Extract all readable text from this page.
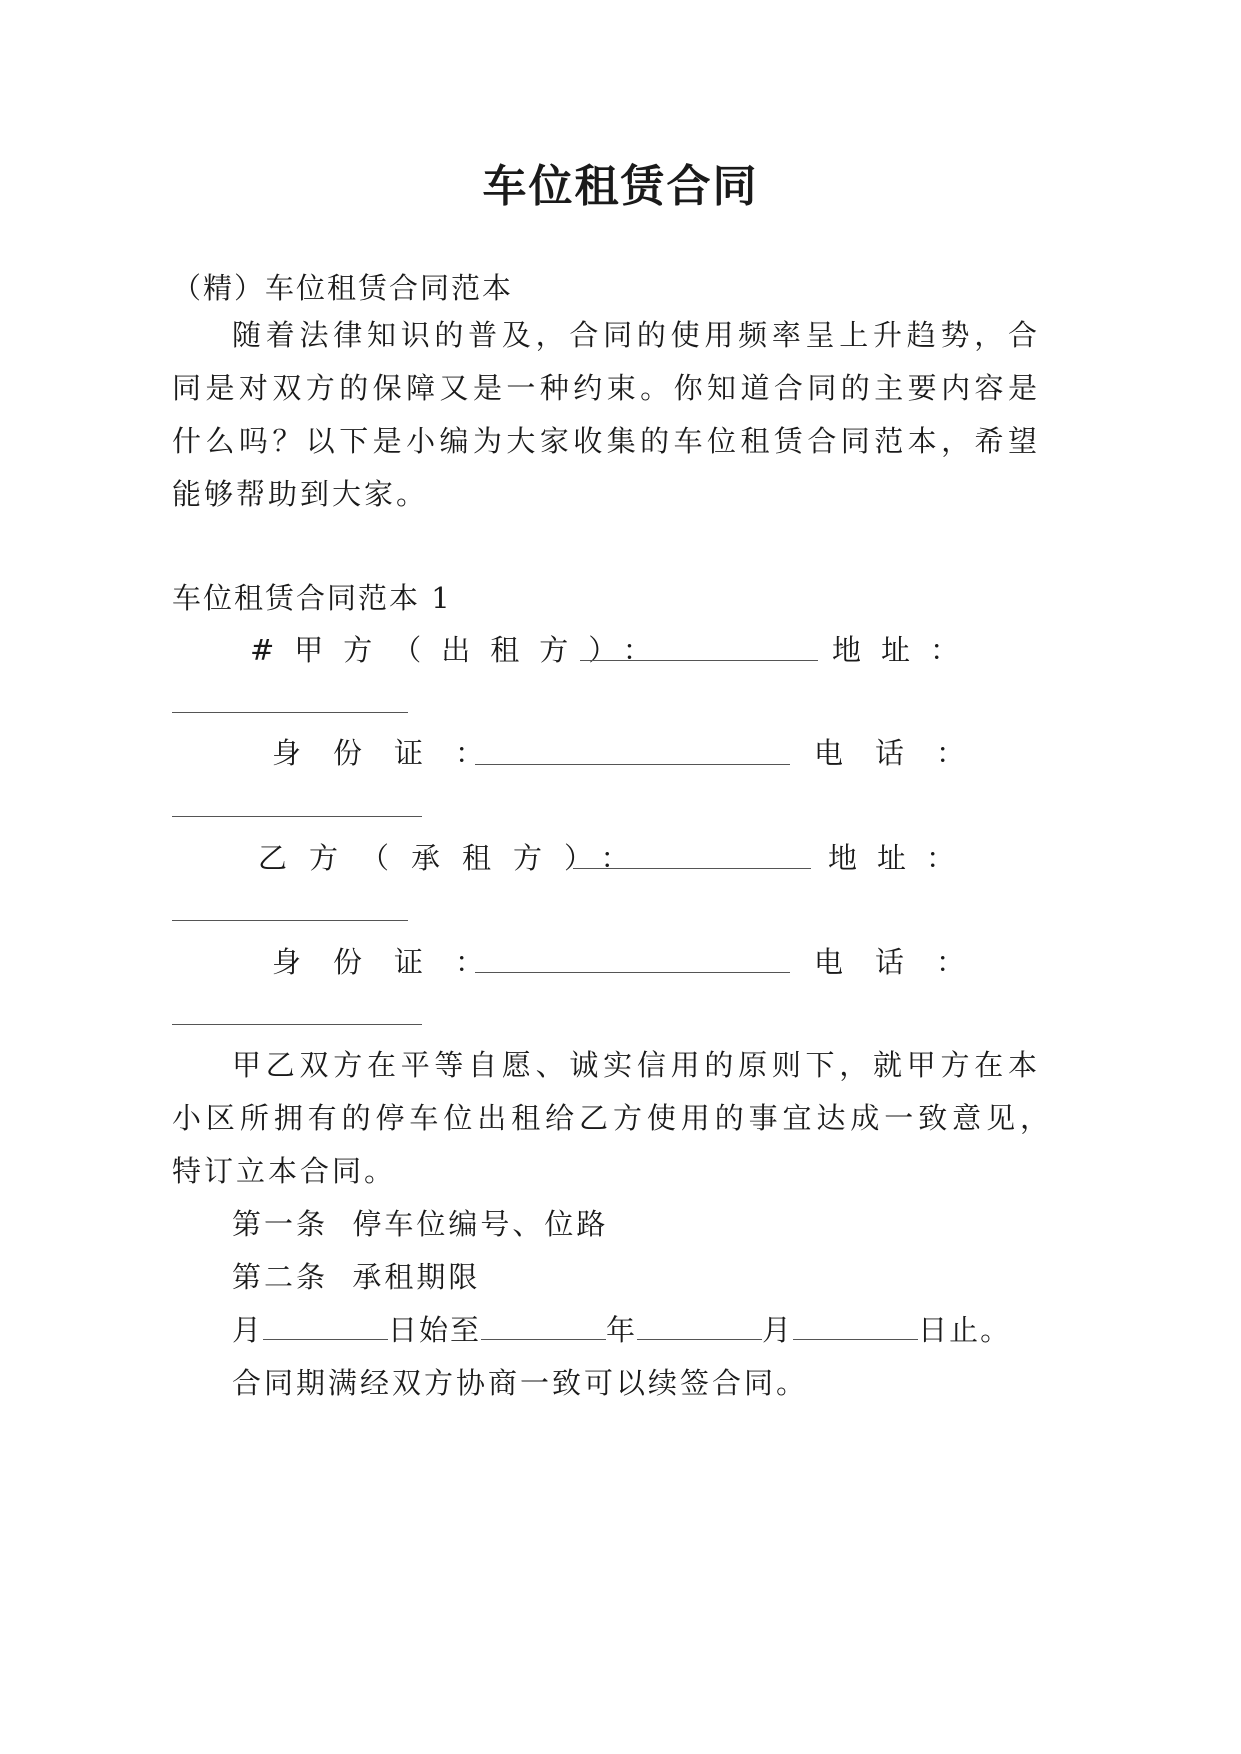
车位租赁合同
（精）车位租赁合同范本
随着法律知识的普及，合同的使用频率呈上升趋势，合
同是对双方的保障又是一种约束。你知道合同的主要内容是
什么吗？以下是小编为大家收集的车位租赁合同范本，希望
能够帮助到大家。
车位租赁合同范本 1
#甲方（出租方）：	地址：
身份证：	电话：
乙方（承租方）：	地址：
身份证：	电话：
甲乙双方在平等自愿、诚实信用的原则下，就甲方在本
小区所拥有的停车位出租给乙方使用的事宜达成一致意见，
特订立本合同。
第一条  停车位编号、位路
第二条  承租期限
月	日始至	年	月	日止。
合同期满经双方协商一致可以续签合同。
